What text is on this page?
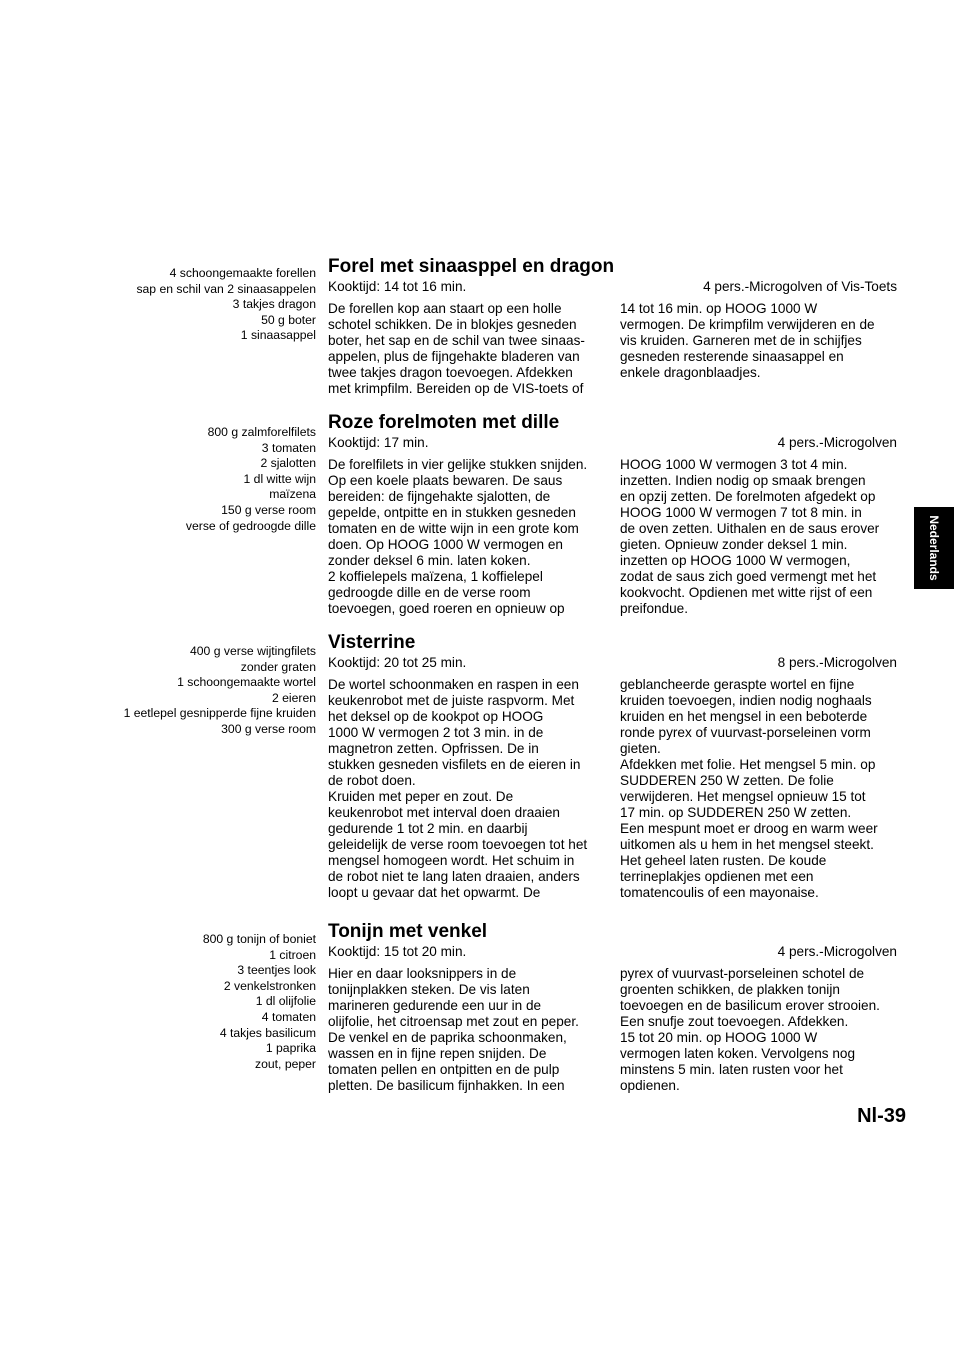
4 schoongemaakte forellen
sap en schil van 2 sinaasappelen
3 takjes dragon
50 g boter
1 sinaasappel
Forel met sinaasppel en dragon
Kooktijd: 14 tot 16 min.	4 pers.-Microgolven of Vis-Toets
De forellen kop aan staart op een holle
schotel schikken. De in blokjes gesneden
boter, het sap en de schil van twee sinaas-
appelen, plus de fijngehakte bladeren van
twee takjes dragon toevoegen. Afdekken
met krimpfilm. Bereiden op de VIS-toets of
14 tot 16 min. op HOOG 1000 W
vermogen. De krimpfilm verwijderen en de
vis kruiden. Garneren met de in schijfjes
gesneden resterende sinaasappel en
enkele dragonblaadjes.
800 g zalmforelfilets
3 tomaten
2 sjalotten
1 dl witte wijn
maïzena
150 g verse room
verse of gedroogde dille
Roze forelmoten met dille
Kooktijd: 17 min.	4 pers.-Microgolven
De forelfilets in vier gelijke stukken snijden.
Op een koele plaats bewaren. De saus
bereiden: de fijngehakte sjalotten, de
gepelde, ontpitte en in stukken gesneden
tomaten en de witte wijn in een grote kom
doen. Op HOOG 1000 W vermogen en
zonder deksel 6 min. laten koken.
2 koffielepels maïzena, 1 koffielepel
gedroogde dille en de verse room
toevoegen, goed roeren en opnieuw op
HOOG 1000 W vermogen 3 tot 4 min.
inzetten. Indien nodig op smaak brengen
en opzij zetten. De forelmoten afgedekt op
HOOG 1000 W vermogen 7 tot 8 min. in
de oven zetten. Uithalen en de saus erover
gieten. Opnieuw zonder deksel 1 min.
inzetten op HOOG 1000 W vermogen,
zodat de saus zich goed vermengt met het
kookvocht. Opdienen met witte rijst of een
preifondue.
400 g verse wijtingfilets
zonder graten
1 schoongemaakte wortel
2 eieren
1 eetlepel gesnipperde fijne kruiden
300 g verse room
Visterrine
Kooktijd: 20 tot 25 min.	8 pers.-Microgolven
De wortel schoonmaken en raspen in een
keukenrobot met de juiste raspvorm. Met
het deksel op de kookpot op HOOG
1000 W vermogen 2 tot 3 min. in de
magnetron zetten. Opfrissen. De in
stukken gesneden visfilets en de eieren in
de robot doen.
Kruiden met peper en zout. De
keukenrobot met interval doen draaien
gedurende 1 tot 2 min. en daarbij
geleidelijk de verse room toevoegen tot het
mengsel homogeen wordt. Het schuim in
de robot niet te lang laten draaien, anders
loopt u gevaar dat het opwarmt. De
geblancheerde geraspte wortel en fijne
kruiden toevoegen, indien nodig noghaals
kruiden en het mengsel in een beboterde
ronde pyrex of vuurvast-porseleinen vorm
gieten.
Afdekken met folie. Het mengsel 5 min. op
SUDDEREN 250 W zetten. De folie
verwijderen. Het mengsel opnieuw 15 tot
17 min. op SUDDEREN 250 W zetten.
Een mespunt moet er droog en warm weer
uitkomen als u hem in het mengsel steekt.
Het geheel laten rusten. De koude
terrineplakjes opdienen met een
tomatencoulis of een mayonaise.
800 g tonijn of boniet
1 citroen
3 teentjes look
2 venkelstronken
1 dl olijfolie
4 tomaten
4 takjes basilicum
1 paprika
zout, peper
Tonijn met venkel
Kooktijd: 15 tot 20 min.	4 pers.-Microgolven
Hier en daar looksnippers in de
tonijnplakken steken. De vis laten
marineren gedurende een uur in de
olijfolie, het citroensap met zout en peper.
De venkel en de paprika schoonmaken,
wassen en in fijne repen snijden. De
tomaten pellen en ontpitten en de pulp
pletten. De basilicum fijnhakken. In een
pyrex of vuurvast-porseleinen schotel de
groenten schikken, de plakken tonijn
toevoegen en de basilicum erover strooien.
Een snufje zout toevoegen. Afdekken.
15 tot 20 min. op HOOG 1000 W
vermogen laten koken. Vervolgens nog
minstens 5 min. laten rusten voor het
opdienen.
Nederlands
Nl-39
